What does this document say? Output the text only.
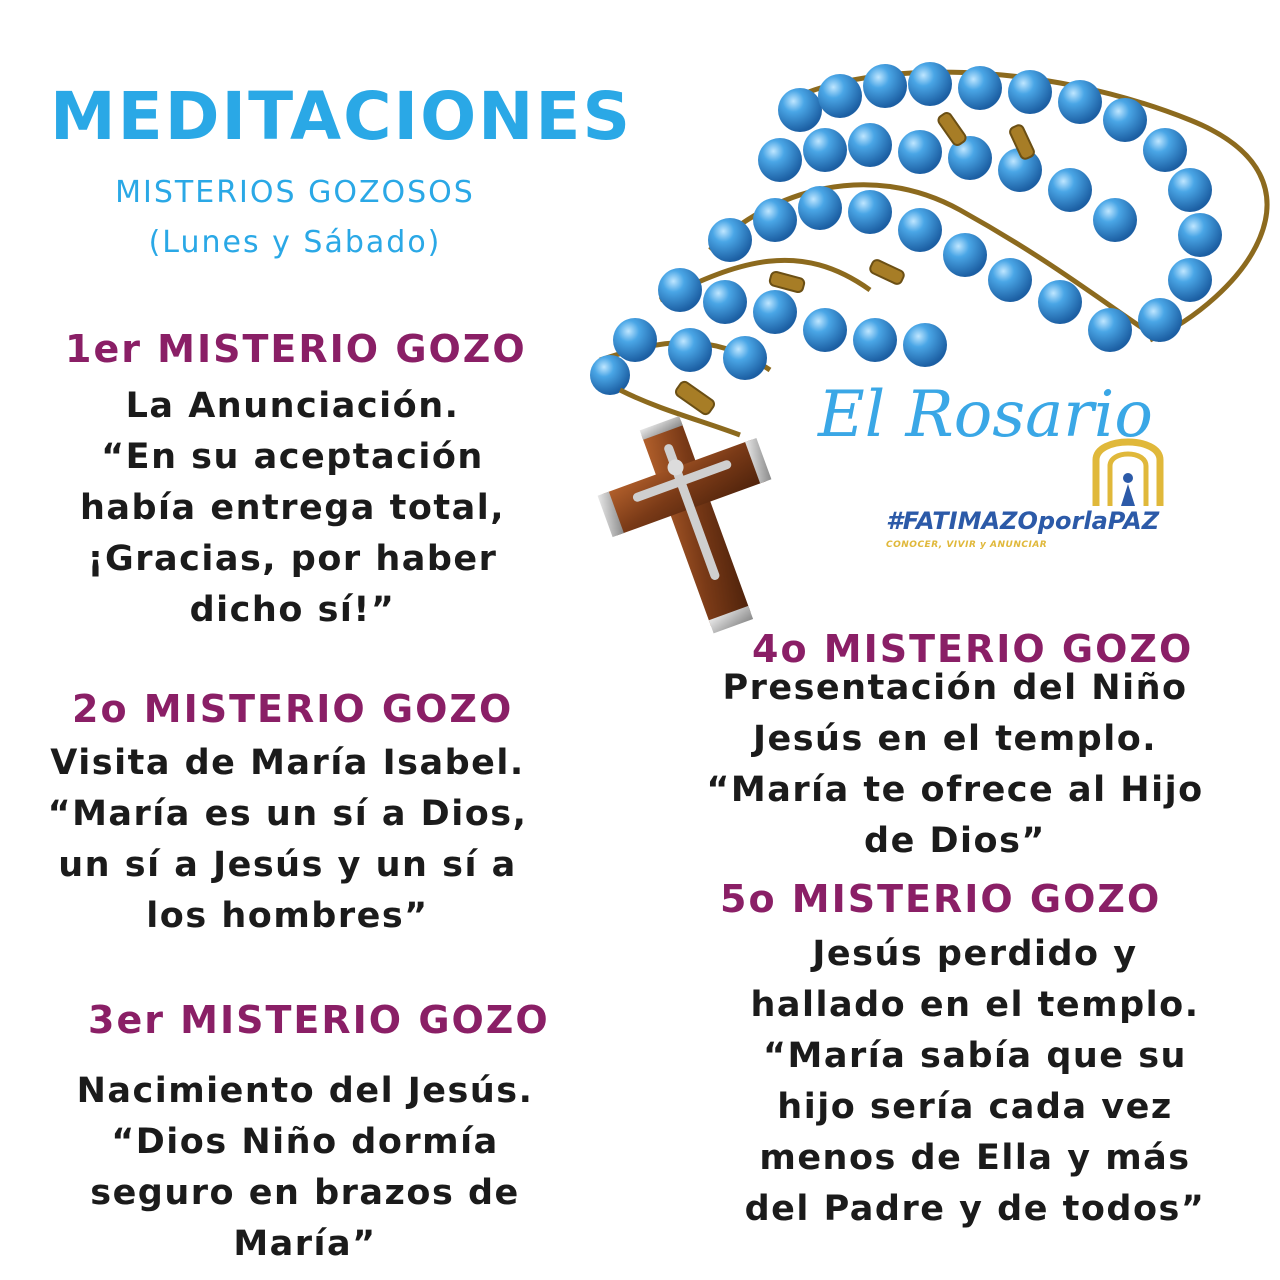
MEDITACIONES
MISTERIOS GOZOSOS
(Lunes y Sábado)
El Rosario
#FATIMAZOporlaPAZ
CONOCER, VIVIR y ANUNCIAR
1er MISTERIO GOZO
La Anunciación.
“En su aceptación
había entrega total,
¡Gracias, por haber
dicho sí!”
2o MISTERIO GOZO
Visita de María Isabel.
“María es un sí a Dios,
un sí a Jesús y un sí a
los hombres”
3er MISTERIO GOZO
Nacimiento del Jesús.
“Dios Niño dormía
seguro en brazos de
María”
4o MISTERIO GOZO
Presentación del Niño
Jesús en el templo.
“María te ofrece al Hijo
de Dios”
5o MISTERIO GOZO
Jesús perdido y
hallado en el templo.
“María sabía que su
hijo sería cada vez
menos de Ella y más
del Padre y de todos”
